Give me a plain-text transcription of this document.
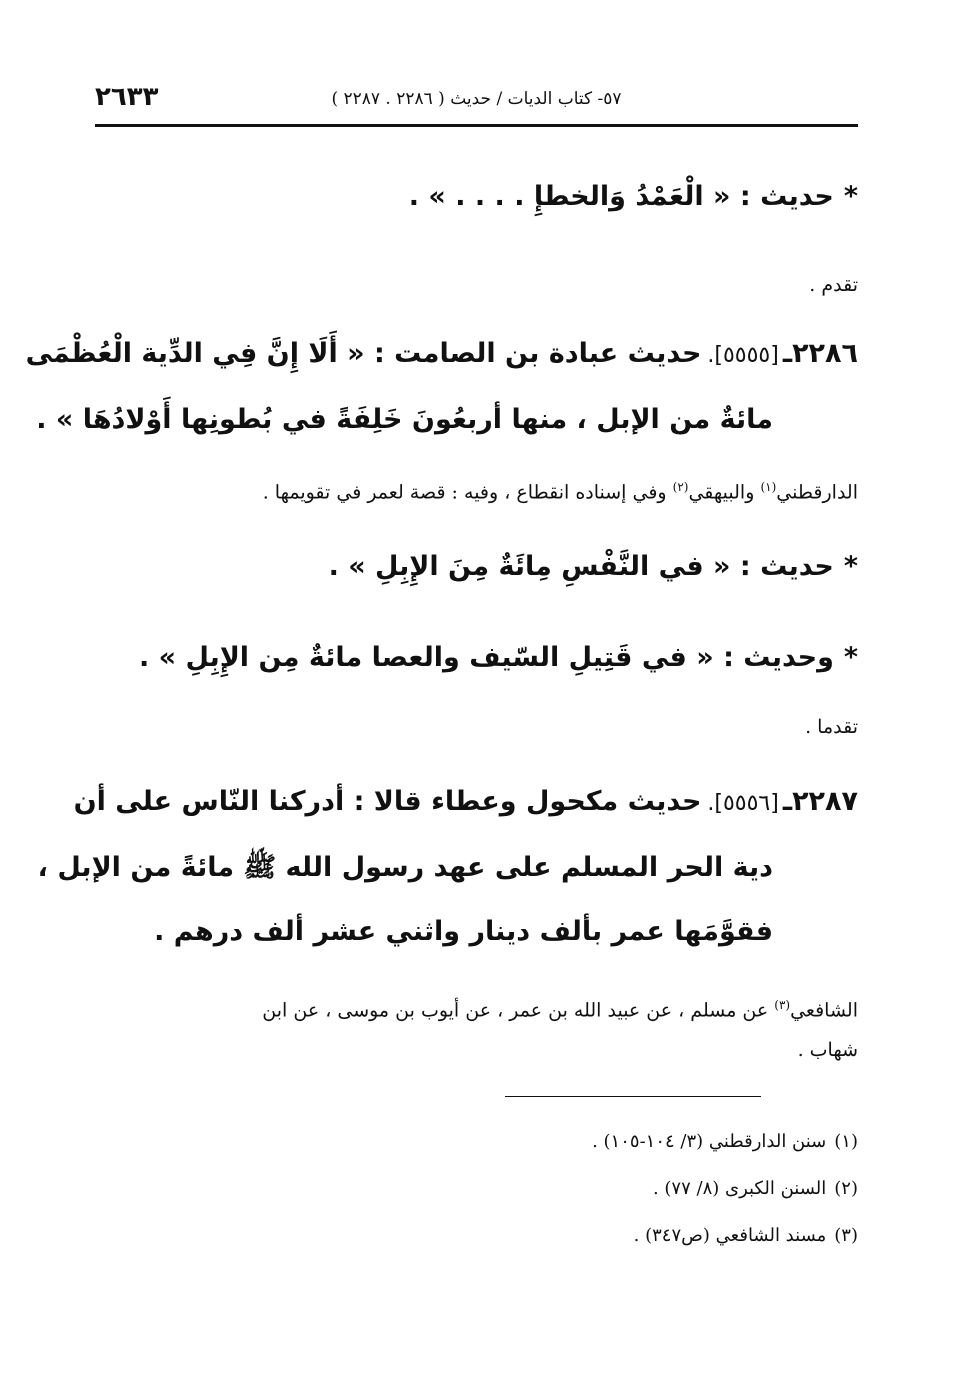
٥٧- كتاب الديات / حديث ( ٢٢٨٦ . ٢٢٨٧ )
٢٦٣٣
*حديث : « الْعَمْدُ وَالخطإِ . . . . » .
تقدم .
٢٢٨٦ـ[٥٥٥٥].حديث عبادة بن الصامت : « أَلَا إِنَّ فِي الدِّية الْعُظْمَى
مائةٌ من الإبل ، منها أربعُونَ خَلِفَةً في بُطونِها أَوْلادُهَا » .
الدارقطني$^{(١)}$ والبيهقي$^{(٢)}$ وفي إسناده انقطاع ، وفيه : قصة لعمر في تقويمها .
*حديث : « في النَّفْسِ مِائَةٌ مِنَ الإِبِلِ » .
*وحديث : « في قَتِيلِ السّيف والعصا مائةٌ مِن الإِبِلِ » .
تقدما .
٢٢٨٧ـ[٥٥٥٦].حديث مكحول وعطاء قالا : أدركنا النّاس على أن
دية الحر المسلم على عهد رسول الله ﷺ مائةً من الإبل ،
فقوَّمَها عمر بألف دينار واثني عشر ألف درهم .
الشافعي$^{(٣)}$ عن مسلم ، عن عبيد الله بن عمر ، عن أيوب بن موسى ، عن ابن
شهاب .
(١)سنن الدارقطني (٣/ ١٠٤-١٠٥) .
(٢)السنن الكبرى (٨/ ٧٧) .
(٣)مسند الشافعي (ص٣٤٧) .
